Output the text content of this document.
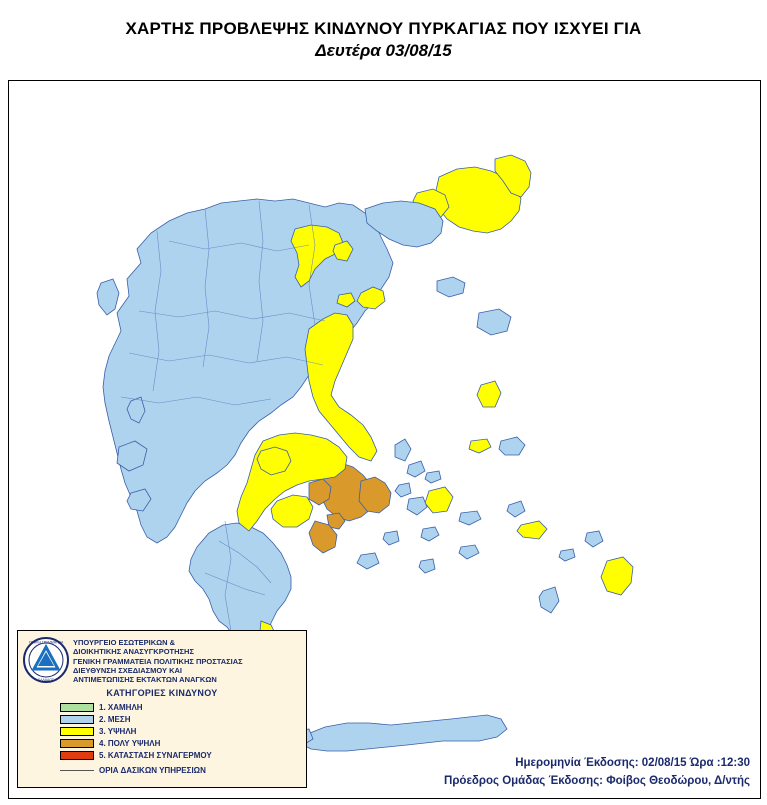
ΧΑΡΤΗΣ ΠΡΟΒΛΕΨΗΣ ΚΙΝΔΥΝΟΥ ΠΥΡΚΑΓΙΑΣ ΠΟΥ ΙΣΧΥΕΙ ΓΙΑ
Δευτέρα 03/08/15
ΓΕΝΙΚΗ ΓΡΑΜΜΑΤΕΙΑ
ΕΛΛΑΔΟΣ
ΥΠΟΥΡΓΕΙΟ ΕΣΩΤΕΡΙΚΩΝ &
ΔΙΟΙΚΗΤΙΚΗΣ ΑΝΑΣΥΓΚΡΟΤΗΣΗΣ
ΓΕΝΙΚΗ ΓΡΑΜΜΑΤΕΙΑ ΠΟΛΙΤΙΚΗΣ ΠΡΟΣΤΑΣΙΑΣ
ΔΙΕΥΘΥΝΣΗ ΣΧΕΔΙΑΣΜΟΥ ΚΑΙ
ΑΝΤΙΜΕΤΩΠΙΣΗΣ ΕΚΤΑΚΤΩΝ ΑΝΑΓΚΩΝ
ΚΑΤΗΓΟΡΙΕΣ ΚΙΝΔΥΝΟΥ
1. ΧΑΜΗΛΗ
2. ΜΕΣΗ
3. ΥΨΗΛΗ
4. ΠΟΛΥ ΥΨΗΛΗ
5. ΚΑΤΑΣΤΑΣΗ ΣΥΝΑΓΕΡΜΟΥ
ΟΡΙΑ ΔΑΣΙΚΩΝ ΥΠΗΡΕΣΙΩΝ
Ημερομηνία Έκδοσης: 02/08/15 Ώρα :12:30
Πρόεδρος Ομάδας Έκδοσης: Φοίβος Θεοδώρου, Δ/ντής
